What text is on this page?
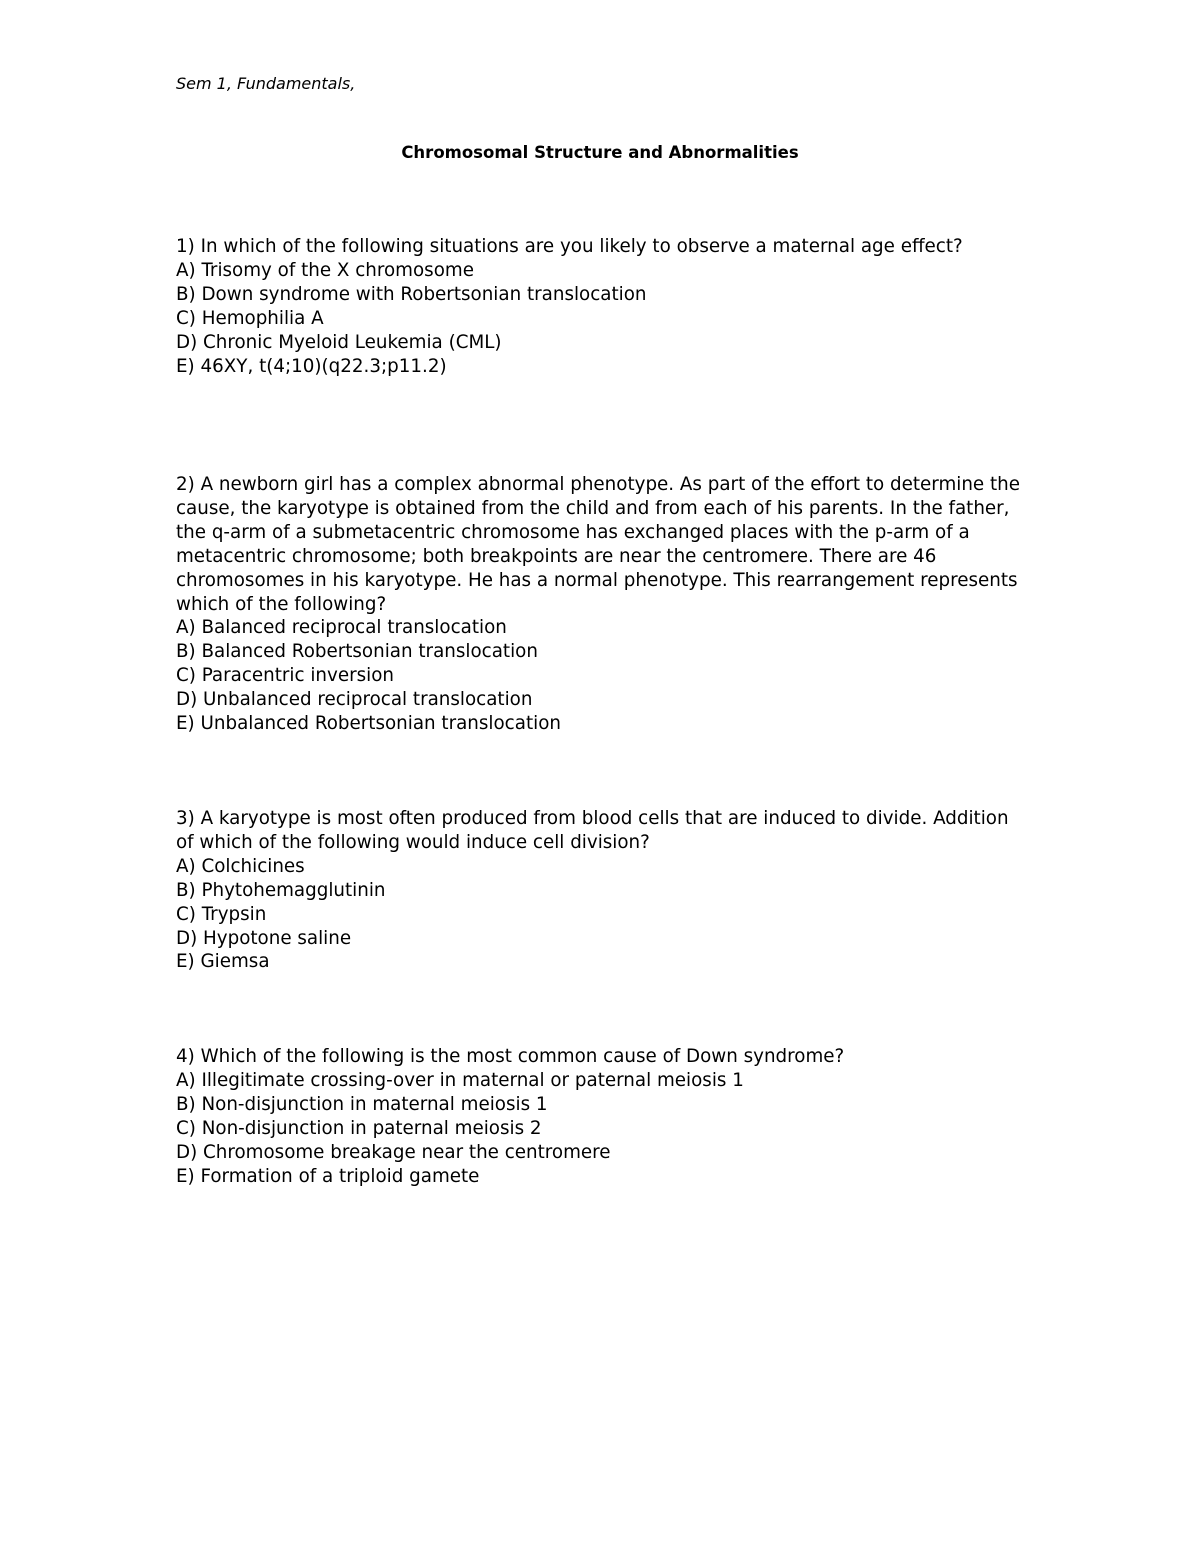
Sem 1, Fundamentals,
Chromosomal Structure and Abnormalities
1) In which of the following situations are you likely to observe a maternal age effect?
A) Trisomy of the X chromosome
B) Down syndrome with Robertsonian translocation
C) Hemophilia A
D) Chronic Myeloid Leukemia (CML)
E) 46XY, t(4;10)(q22.3;p11.2)
2) A newborn girl has a complex abnormal phenotype. As part of the effort to determine the cause, the karyotype is obtained from the child and from each of his parents. In the father, the q-arm of a submetacentric chromosome has exchanged places with the p-arm of a metacentric chromosome; both breakpoints are near the centromere. There are 46 chromosomes in his karyotype. He has a normal phenotype. This rearrangement represents which of the following?
A) Balanced reciprocal translocation
B) Balanced Robertsonian translocation
C) Paracentric inversion
D) Unbalanced reciprocal translocation
E) Unbalanced Robertsonian translocation
3) A karyotype is most often produced from blood cells that are induced to divide. Addition of which of the following would induce cell division?
A) Colchicines
B) Phytohemagglutinin
C) Trypsin
D) Hypotone saline
E) Giemsa
4) Which of the following is the most common cause of Down syndrome?
A) Illegitimate crossing-over in maternal or paternal meiosis 1
B) Non-disjunction in maternal meiosis 1
C) Non-disjunction in paternal meiosis 2
D) Chromosome breakage near the centromere
E) Formation of a triploid gamete
